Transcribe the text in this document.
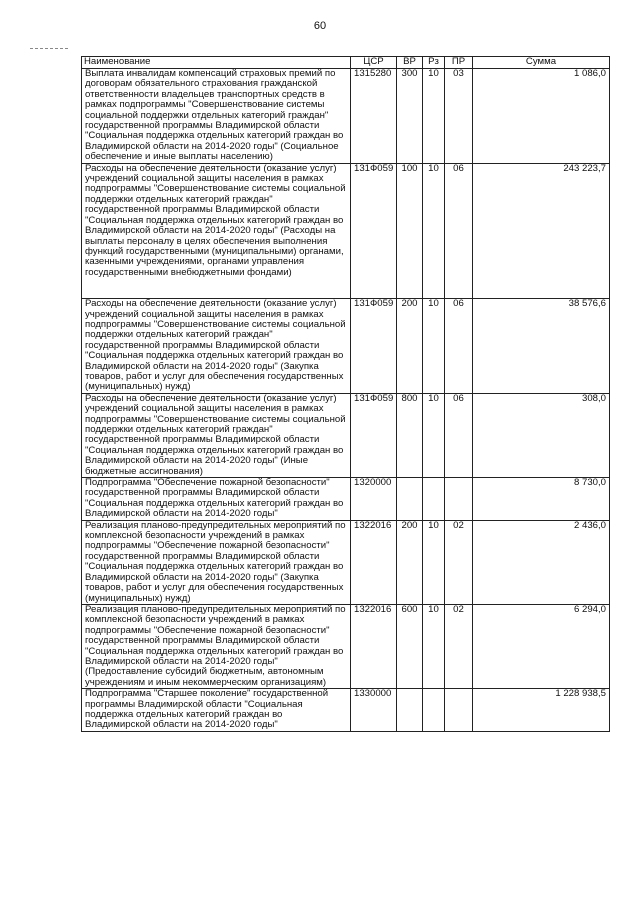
60
Наименование	ЦСР	ВР	Рз	ПР	Сумма
Выплата инвалидам компенсаций страховых премий по договорам обязательного страхования гражданской ответственности владельцев транспортных средств в рамках подпрограммы "Совершенствование системы социальной поддержки отдельных категорий граждан" государственной программы Владимирской области "Социальная поддержка отдельных категорий граждан во Владимирской области на 2014-2020 годы" (Социальное обеспечение и иные выплаты населению)	1315280	300	10	03	1 086,0
Расходы на обеспечение деятельности (оказание услуг) учреждений социальной защиты населения в рамках подпрограммы "Совершенствование системы социальной поддержки отдельных категорий граждан" государственной программы Владимирской области "Социальная поддержка отдельных категорий граждан во Владимирской области на 2014-2020 годы" (Расходы на выплаты персоналу в целях обеспечения выполнения функций государственными (муниципальными) органами, казенными учреждениями, органами управления государственными внебюджетными фондами)	131Ф059	100	10	06	243 223,7
Расходы на обеспечение деятельности (оказание услуг) учреждений социальной защиты населения в рамках подпрограммы "Совершенствование системы социальной поддержки отдельных категорий граждан" государственной программы Владимирской области "Социальная поддержка отдельных категорий граждан во Владимирской области на 2014-2020 годы" (Закупка товаров, работ и услуг для обеспечения государственных (муниципальных) нужд)	131Ф059	200	10	06	38 576,6
Расходы на обеспечение деятельности (оказание услуг) учреждений социальной защиты населения в рамках подпрограммы "Совершенствование системы социальной поддержки отдельных категорий граждан" государственной программы Владимирской области "Социальная поддержка отдельных категорий граждан во Владимирской области на 2014-2020 годы" (Иные бюджетные ассигнования)	131Ф059	800	10	06	308,0
Подпрограмма "Обеспечение пожарной безопасности" государственной программы Владимирской области "Социальная поддержка отдельных категорий граждан во Владимирской области на 2014-2020 годы"	1320000				8 730,0
Реализация планово-предупредительных мероприятий по комплексной безопасности учреждений в рамках подпрограммы "Обеспечение пожарной безопасности" государственной программы Владимирской области "Социальная поддержка отдельных категорий граждан во Владимирской области на 2014-2020 годы" (Закупка товаров, работ и услуг для обеспечения государственных (муниципальных) нужд)	1322016	200	10	02	2 436,0
Реализация планово-предупредительных мероприятий по комплексной безопасности учреждений в рамках подпрограммы "Обеспечение пожарной безопасности" государственной программы Владимирской области "Социальная поддержка отдельных категорий граждан во Владимирской области на 2014-2020 годы" (Предоставление субсидий бюджетным, автономным учреждениям и иным некоммерческим организациям)	1322016	600	10	02	6 294,0
Подпрограмма "Старшее поколение" государственной программы Владимирской области "Социальная поддержка отдельных категорий граждан во Владимирской области на 2014-2020 годы"	1330000				1 228 938,5
